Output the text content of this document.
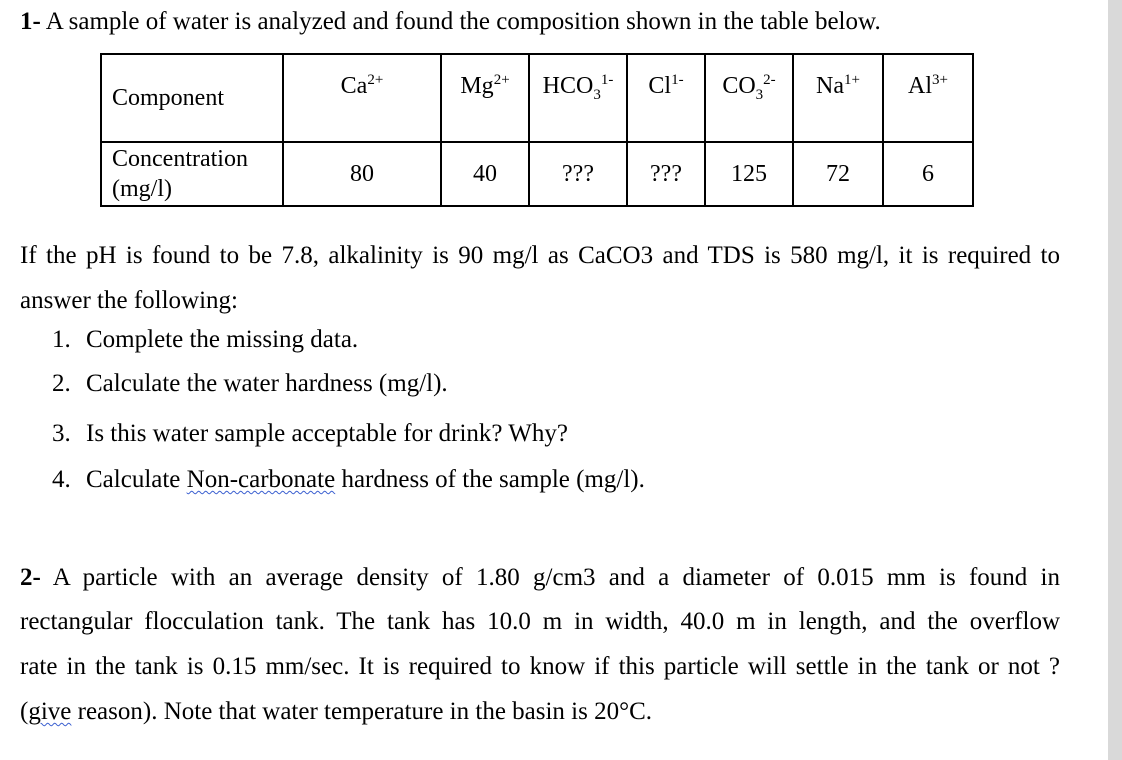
1- A sample of water is analyzed and found the composition shown in the table below.
Component	$Ca^{2+}$	$Mg^{2+}$	$HCO_3^{1-}$	$Cl^{1-}$	$CO_3^{2-}$	$Na^{1+}$	$Al^{3+}$
Concentration (mg/l)	80	40	???	???	125	72	6
If the pH is found to be 7.8, alkalinity is 90 mg/l as CaCO3 and TDS is 580 mg/l, it is required to
answer the following:
1. Complete the missing data.
2. Calculate the water hardness (mg/l).
3. Is this water sample acceptable for drink? Why?
4. Calculate Non-carbonate hardness of the sample (mg/l).
2- A particle with an average density of 1.80 g/cm3 and a diameter of 0.015 mm is found in
rectangular flocculation tank. The tank has 10.0 m in width, 40.0 m in length, and the overflow
rate in the tank is 0.15 mm/sec. It is required to know if this particle will settle in the tank or not ?
(give reason). Note that water temperature in the basin is 20°C.
